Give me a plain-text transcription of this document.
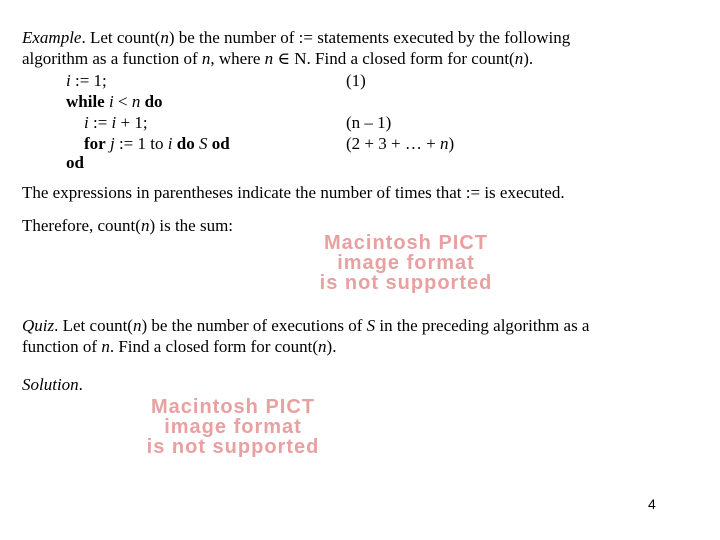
Example. Let count(n) be the number of := statements executed by the following
algorithm as a function of n, where n ∈ N. Find a closed form for count(n).
i := 1;	(1)
while i < n do
i := i + 1;	(n – 1)
for j := 1 to i do S od	(2 + 3 + … + n)
od
The expressions in parentheses indicate the number of times that := is executed.
Therefore, count(n) is the sum:
Macintosh PICT
image format
is not supported
Quiz. Let count(n) be the number of executions of S in the preceding algorithm as a
function of n. Find a closed form for count(n).
Solution.
Macintosh PICT
image format
is not supported
4
